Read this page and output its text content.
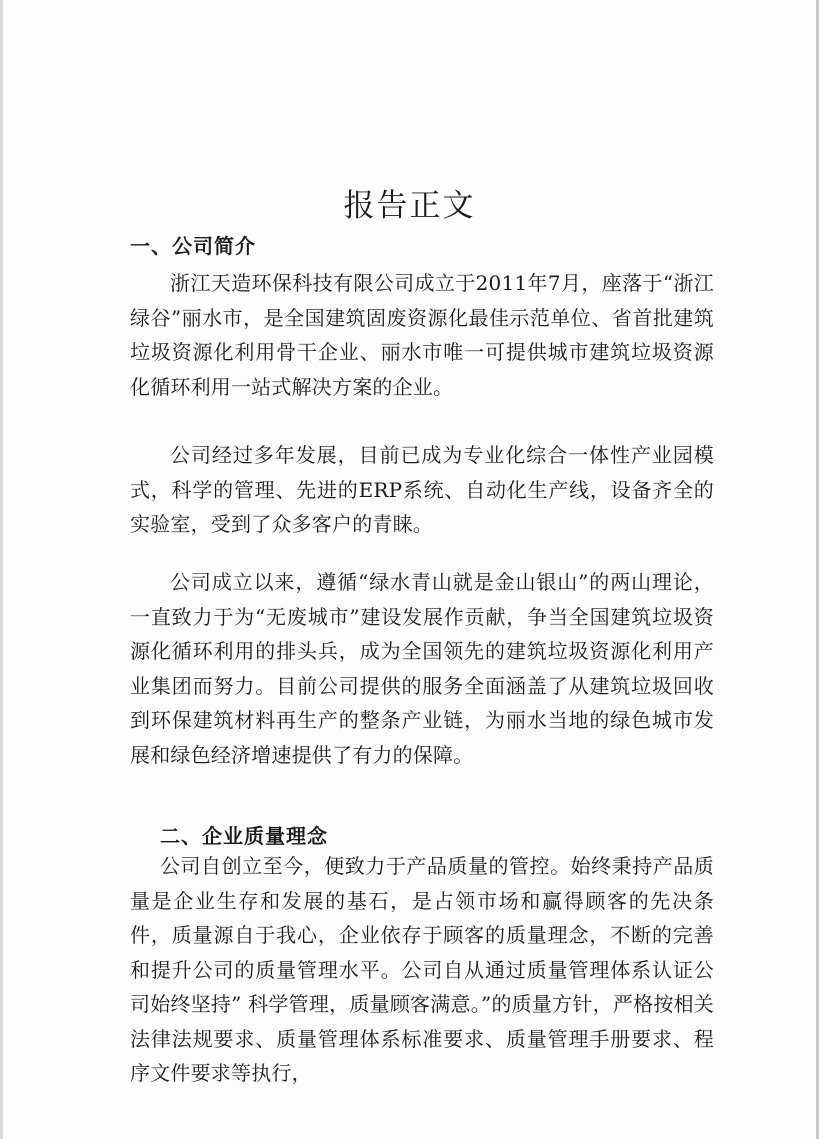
报告正文
一、公司简介

浙江天造环保科技有限公司成立于2011年7月，座落于“浙江绿谷”丽水市，是全国建筑固废资源化最佳示范单位、省首批建筑垃圾资源化利用骨干企业、丽水市唯一可提供城市建筑垃圾资源化循环利用一站式解决方案的企业。

公司经过多年发展，目前已成为专业化综合一体性产业园模式，科学的管理、先进的ERP系统、自动化生产线，设备齐全的实验室，受到了众多客户的青睐。

公司成立以来，遵循“绿水青山就是金山银山”的两山理论，一直致力于为“无废城市”建设发展作贡献，争当全国建筑垃圾资源化循环利用的排头兵，成为全国领先的建筑垃圾资源化利用产业集团而努力。目前公司提供的服务全面涵盖了从建筑垃圾回收到环保建筑材料再生产的整条产业链，为丽水当地的绿色城市发展和绿色经济增速提供了有力的保障。

二、企业质量理念

公司自创立至今，便致力于产品质量的管控。始终秉持产品质量是企业生存和发展的基石，是占领市场和赢得顾客的先决条件，质量源自于我心，企业依存于顾客的质量理念，不断的完善和提升公司的质量管理水平。公司自从通过质量管理体系认证公司始终坚持” 科学管理，质量顾客满意。”的质量方针，严格按相关法律法规要求、质量管理体系标准要求、质量管理手册要求、程序文件要求等执行，
